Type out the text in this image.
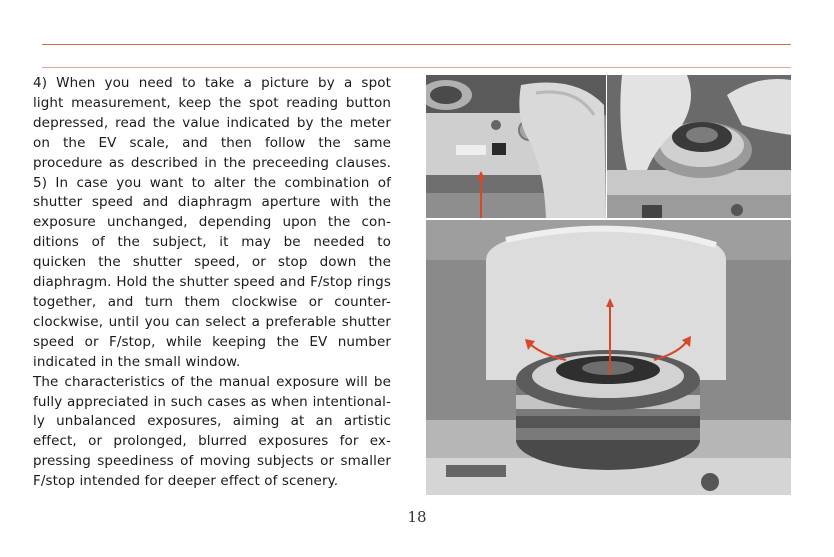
4) When you need to take a picture by a spot
light measurement, keep the spot reading button
depressed, read the value indicated by the meter
on the EV scale, and then follow the same
procedure as described in the preceeding clauses.
5) In case you want to alter the combination of
shutter speed and diaphragm aperture with the
exposure unchanged, depending upon the con-
ditions of the subject, it may be needed to
quicken the shutter speed, or stop down the
diaphragm. Hold the shutter speed and F/stop rings
together, and turn them clockwise or counter-
clockwise, until you can select a preferable shutter
speed or F/stop, while keeping the EV number
indicated in the small window.
The characteristics of the manual exposure will be
fully appreciated in such cases as when intentional-
ly unbalanced exposures, aiming at an artistic
effect, or prolonged, blurred exposures for ex-
pressing speediness of moving subjects or smaller
F/stop intended for deeper effect of scenery.
18
